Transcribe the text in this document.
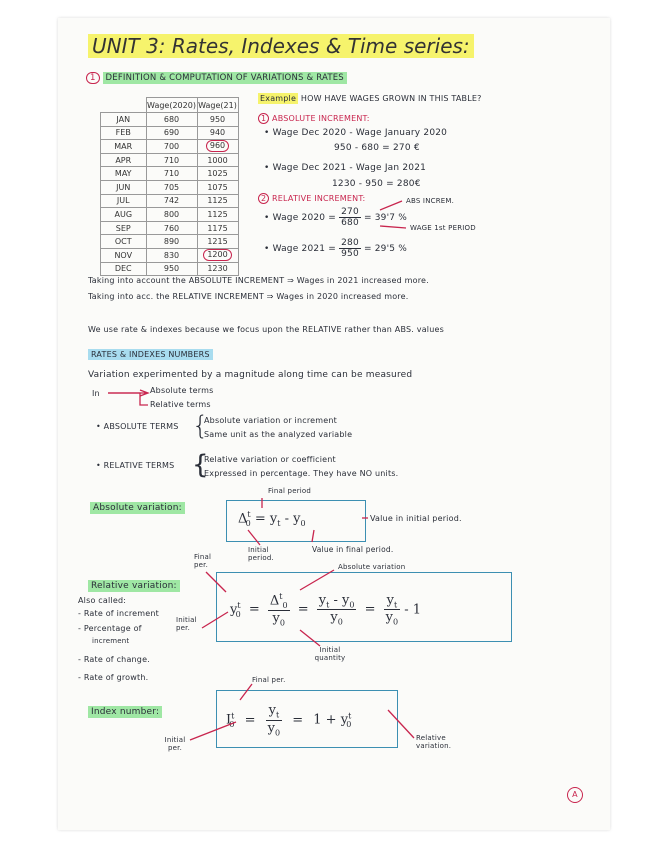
UNIT 3: Rates, Indexes & Time series:
1 DEFINITION & COMPUTATION OF VARIATIONS & RATES
	Wage(2020)	Wage(21)
JAN	680	950
FEB	690	940
MAR	700	960
APR	710	1000
MAY	710	1025
JUN	705	1075
JUL	742	1125
AUG	800	1125
SEP	760	1175
OCT	890	1215
NOV	830	1200
DEC	950	1230
Example HOW HAVE WAGES GROWN IN THIS TABLE?
1 ABSOLUTE INCREMENT:
• Wage Dec 2020 - Wage January 2020
950 - 680 = 270 €
• Wage Dec 2021 - Wage Jan 2021
1230 - 950 = 280€
2 RELATIVE INCREMENT:
• Wage $2020 = \frac{270}{680} = 39'7$ %
ABS INCREM.
WAGE 1st PERIOD
• Wage $2021 = \frac{280}{950} = 29'5$ %
Taking into account the ABSOLUTE INCREMENT ⇒ Wages in 2021 increased more.
Taking into acc. the RELATIVE INCREMENT ⇒ Wages in 2020 increased more.
We use rate & indexes because we focus upon the RELATIVE rather than ABS. values
RATES & INDEXES NUMBERS
Variation experimented by a magnitude along time can be measured
In	Absolute terms
Relative terms
• ABSOLUTE TERMS {
Absolute variation or increment
Same unit as the analyzed variable
• RELATIVE TERMS {
Relative variation or coefficient
Expressed in percentage. They have NO units.
Absolute variation:
$\Delta^t_0 = y_t - y_0$
Final period
Value in initial period.
Initial period.
Value in final period.
Relative variation:
Also called:
- Rate of increment
- Percentage of
increment
- Rate of change.
- Rate of growth.
Final per.
Initial per.
Absolute variation
Initial quantity
$y^t_0 = \frac{\Delta^t_0}{y_0} = \frac{y_t - y_0}{y_0} = \frac{y_t}{y_0} - 1$
Index number:
$I^t_0 = \frac{y_t}{y_0} = 1 + y^t_0$
Final per.
Initial per.
Relative variation.
A
